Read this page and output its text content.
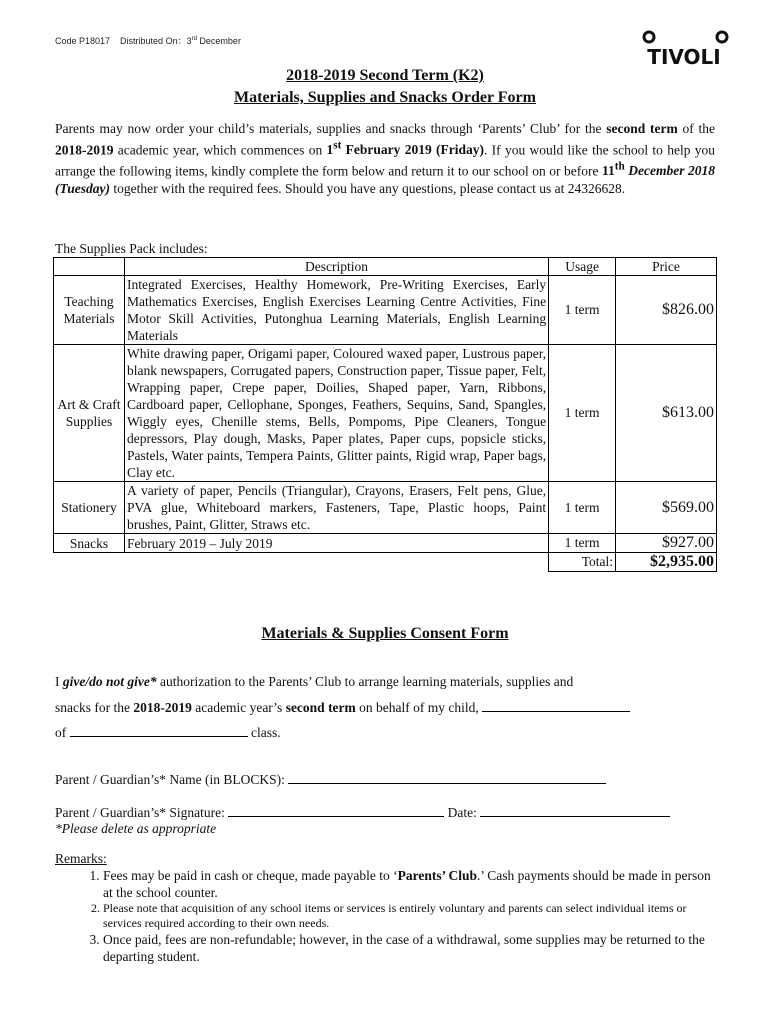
Code P18017 Distributed On：3rd December
TIVOLI
2018-2019 Second Term (K2)
Materials, Supplies and Snacks Order Form
Parents may now order your child’s materials, supplies and snacks through ‘Parents’ Club’ for the second term of the 2018-2019 academic year, which commences on 1st February 2019 (Friday). If you would like the school to help you arrange the following items, kindly complete the form below and return it to our school on or before 11th December 2018 (Tuesday) together with the required fees. Should you have any questions, please contact us at 24326628.
The Supplies Pack includes:
	Description	Usage	Price
Teaching Materials	Integrated Exercises, Healthy Homework, Pre-Writing Exercises, Early Mathematics Exercises, English Exercises Learning Centre Activities, Fine Motor Skill Activities, Putonghua Learning Materials, English Learning Materials	1 term	$826.00
Art & Craft Supplies	White drawing paper, Origami paper, Coloured waxed paper, Lustrous paper, blank newspapers, Corrugated papers, Construction paper, Tissue paper, Felt, Wrapping paper, Crepe paper, Doilies, Shaped paper, Yarn, Ribbons, Cardboard paper, Cellophane, Sponges, Feathers, Sequins, Sand, Spangles, Wiggly eyes, Chenille stems, Bells, Pompoms, Pipe Cleaners, Tongue depressors, Play dough, Masks, Paper plates, Paper cups, popsicle sticks, Pastels, Water paints, Tempera Paints, Glitter paints, Rigid wrap, Paper bags, Clay etc.	1 term	$613.00
Stationery	A variety of paper, Pencils (Triangular), Crayons, Erasers, Felt pens, Glue, PVA glue, Whiteboard markers, Fasteners, Tape, Plastic hoops, Paint brushes, Paint, Glitter, Straws etc.	1 term	$569.00
Snacks	February 2019 – July 2019	1 term	$927.00
		Total:	$2,935.00
Materials & Supplies Consent Form
I give/do not give* authorization to the Parents’ Club to arrange learning materials, supplies and
snacks for the 2018-2019 academic year’s second term on behalf of my child,
of	class.
Parent / Guardian’s* Name (in BLOCKS):
Parent / Guardian’s* Signature:	Date:
*Please delete as appropriate
Remarks:
1. Fees may be paid in cash or cheque, made payable to ‘Parents’ Club.’ Cash payments should be made in person at the school counter.
2. Please note that acquisition of any school items or services is entirely voluntary and parents can select individual items or services required according to their own needs.
3. Once paid, fees are non-refundable; however, in the case of a withdrawal, some supplies may be returned to the departing student.
